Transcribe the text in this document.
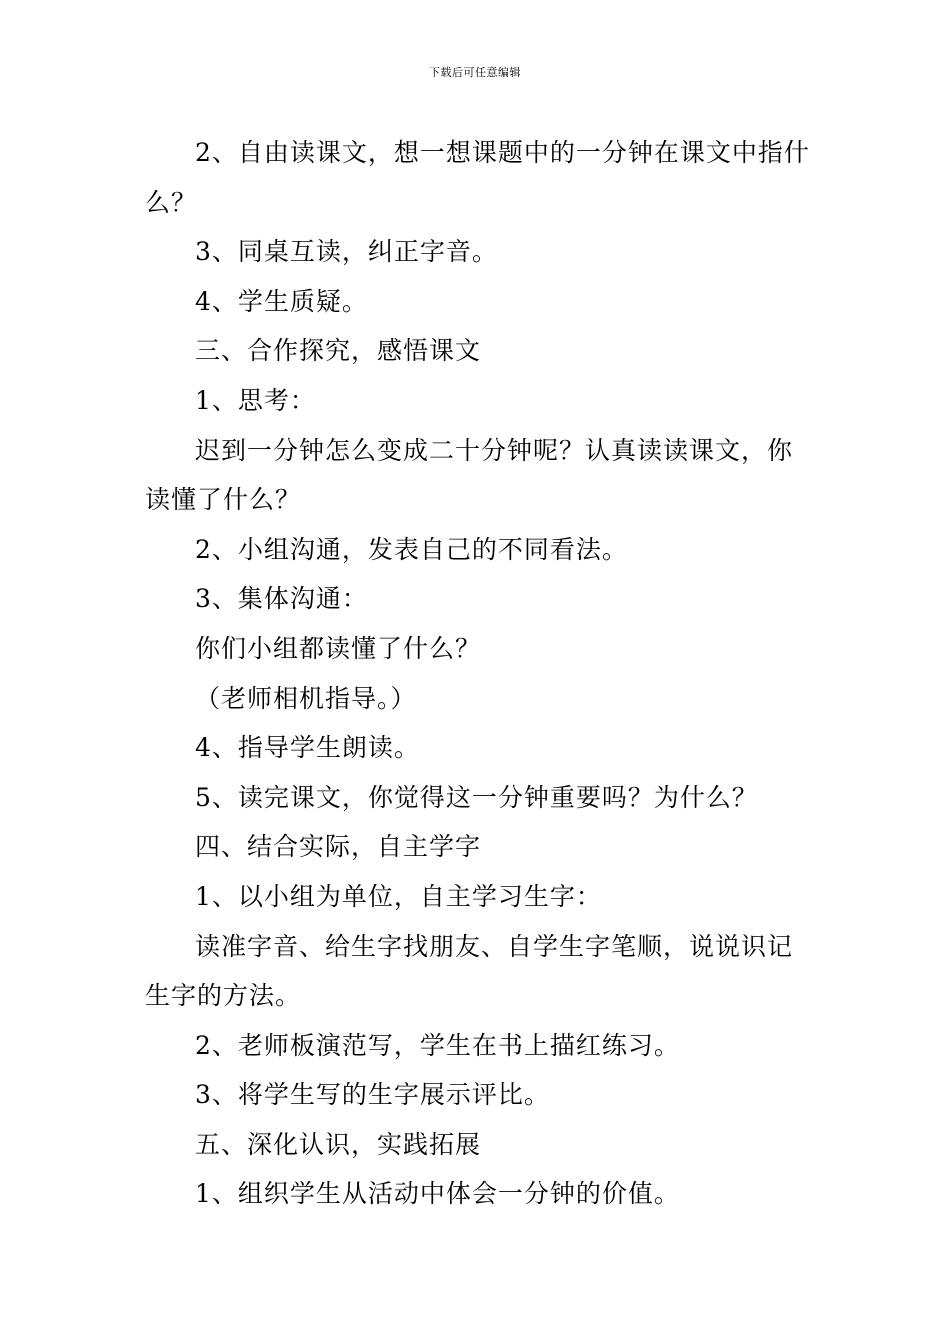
下载后可任意编辑

2、自由读课文，想一想课题中的一分钟在课文中指什么？

3、同桌互读，纠正字音。

4、学生质疑。

三、合作探究，感悟课文

1、思考：

迟到一分钟怎么变成二十分钟呢？认真读读课文，你读懂了什么？

2、小组沟通，发表自己的不同看法。

3、集体沟通：

你们小组都读懂了什么？

（老师相机指导。）

4、指导学生朗读。

5、读完课文，你觉得这一分钟重要吗？为什么？

四、结合实际，自主学字

1、以小组为单位，自主学习生字：

读准字音、给生字找朋友、自学生字笔顺，说说识记生字的方法。

2、老师板演范写，学生在书上描红练习。

3、将学生写的生字展示评比。

五、深化认识，实践拓展

1、组织学生从活动中体会一分钟的价值。
